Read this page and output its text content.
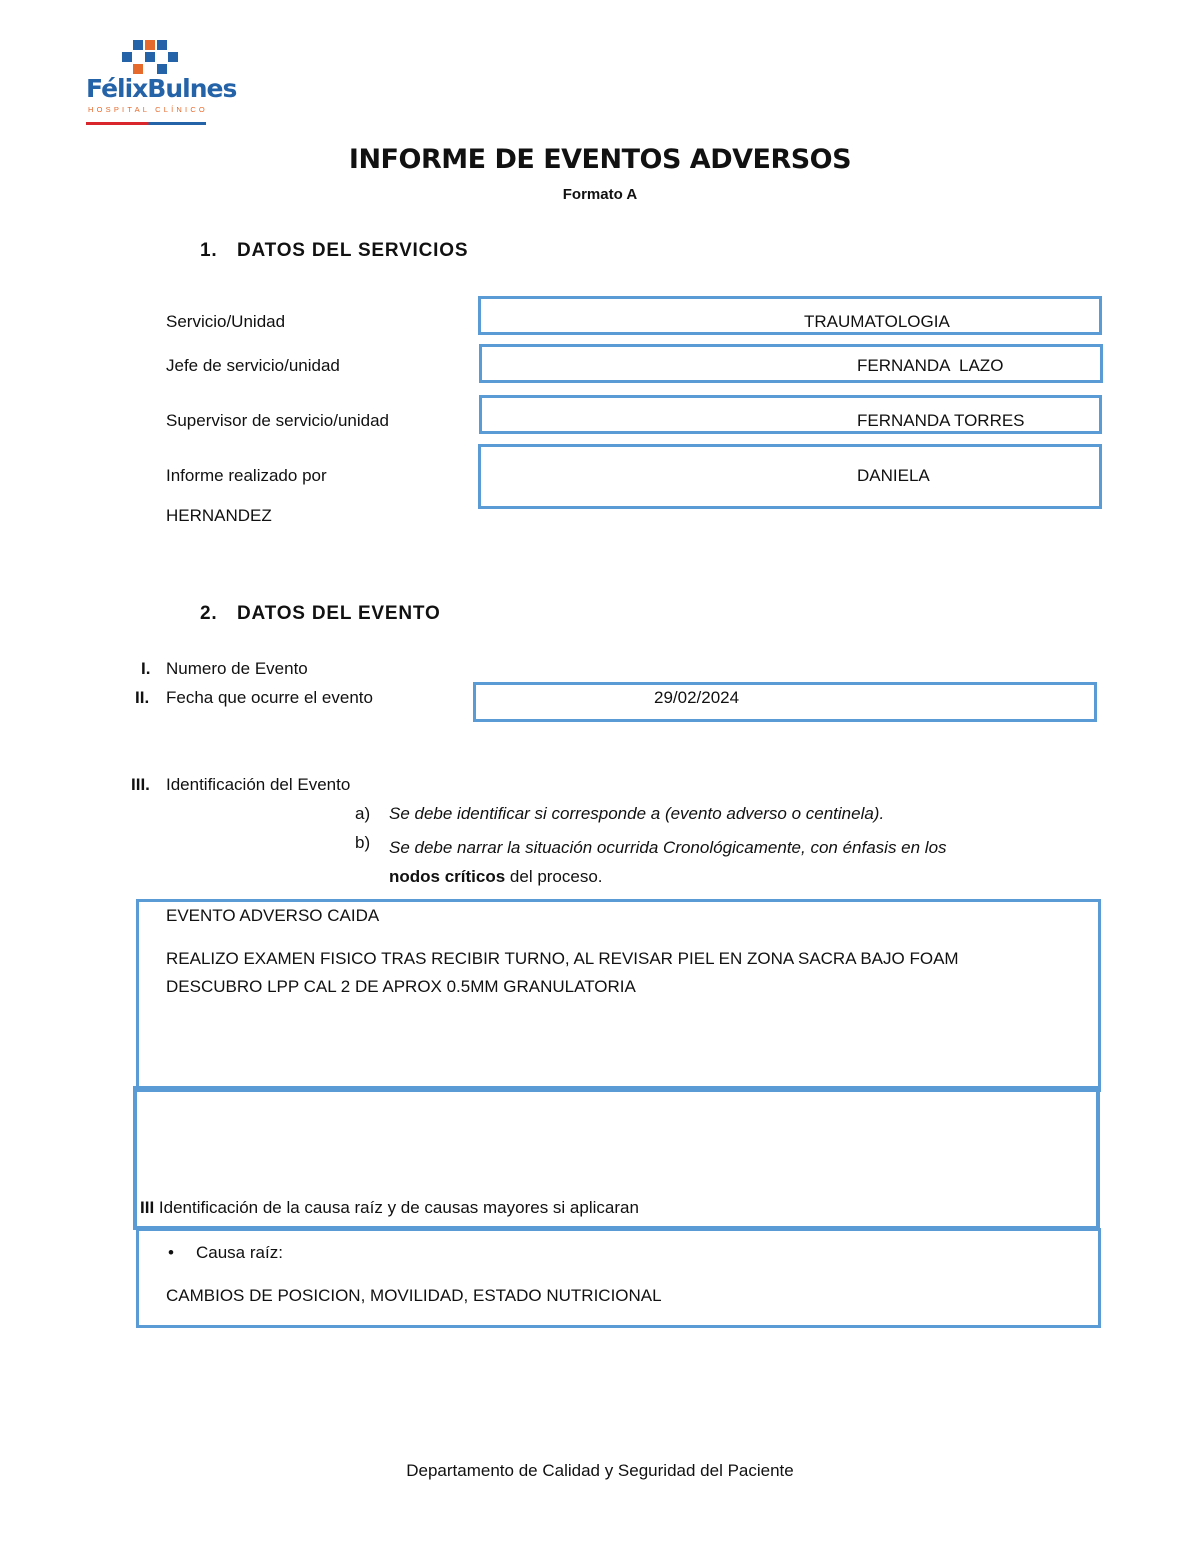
FélixBulnes
HOSPITAL CLÍNICO
INFORME DE EVENTOS ADVERSOS
Formato A
1. DATOS DEL SERVICIOS
Servicio/Unidad	TRAUMATOLOGIA
Jefe de servicio/unidad	FERNANDA  LAZO
Supervisor de servicio/unidad	FERNANDA TORRES
Informe realizado por	DANIELA
HERNANDEZ
2. DATOS DEL EVENTO
I. Numero de Evento
II. Fecha que ocurre el evento	29/02/2024
III. Identificación del Evento
a) Se debe identificar si corresponde a (evento adverso o centinela).
b) Se debe narrar la situación ocurrida Cronológicamente, con énfasis en los
nodos críticos del proceso.
EVENTO ADVERSO CAIDA
REALIZO EXAMEN FISICO TRAS RECIBIR TURNO, AL REVISAR PIEL EN ZONA SACRA BAJO FOAM
DESCUBRO LPP CAL 2 DE APROX 0.5MM GRANULATORIA
III Identificación de la causa raíz y de causas mayores si aplicaran
• Causa raíz:
CAMBIOS DE POSICION, MOVILIDAD, ESTADO NUTRICIONAL
Departamento de Calidad y Seguridad del Paciente
